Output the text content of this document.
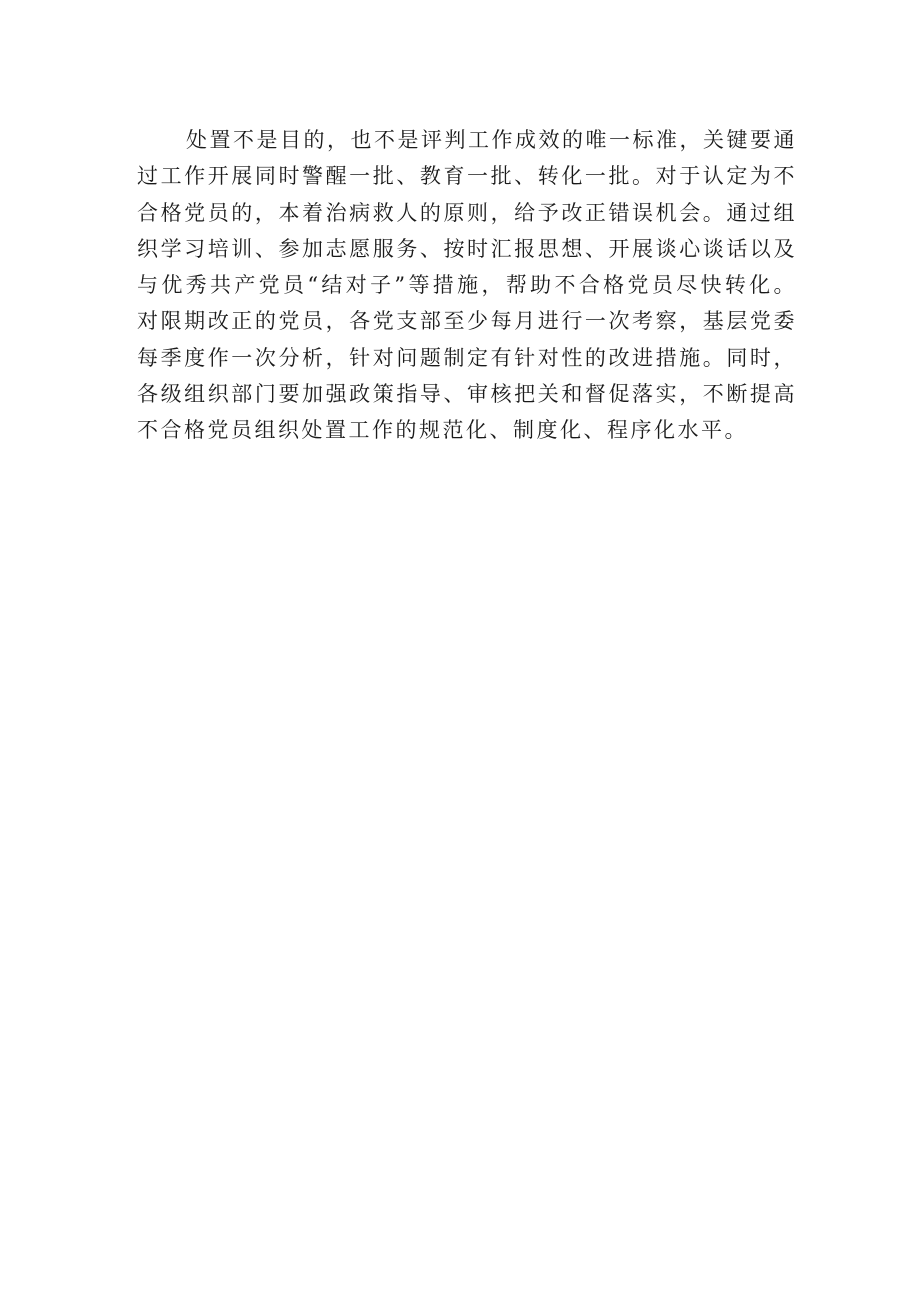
处置不是目的，也不是评判工作成效的唯一标准，关键要通过工作开展同时警醒一批、教育一批、转化一批。对于认定为不合格党员的，本着治病救人的原则，给予改正错误机会。通过组织学习培训、参加志愿服务、按时汇报思想、开展谈心谈话以及与优秀共产党员“结对子”等措施，帮助不合格党员尽快转化。对限期改正的党员，各党支部至少每月进行一次考察，基层党委每季度作一次分析，针对问题制定有针对性的改进措施。同时，各级组织部门要加强政策指导、审核把关和督促落实，不断提高不合格党员组织处置工作的规范化、制度化、程序化水平。
